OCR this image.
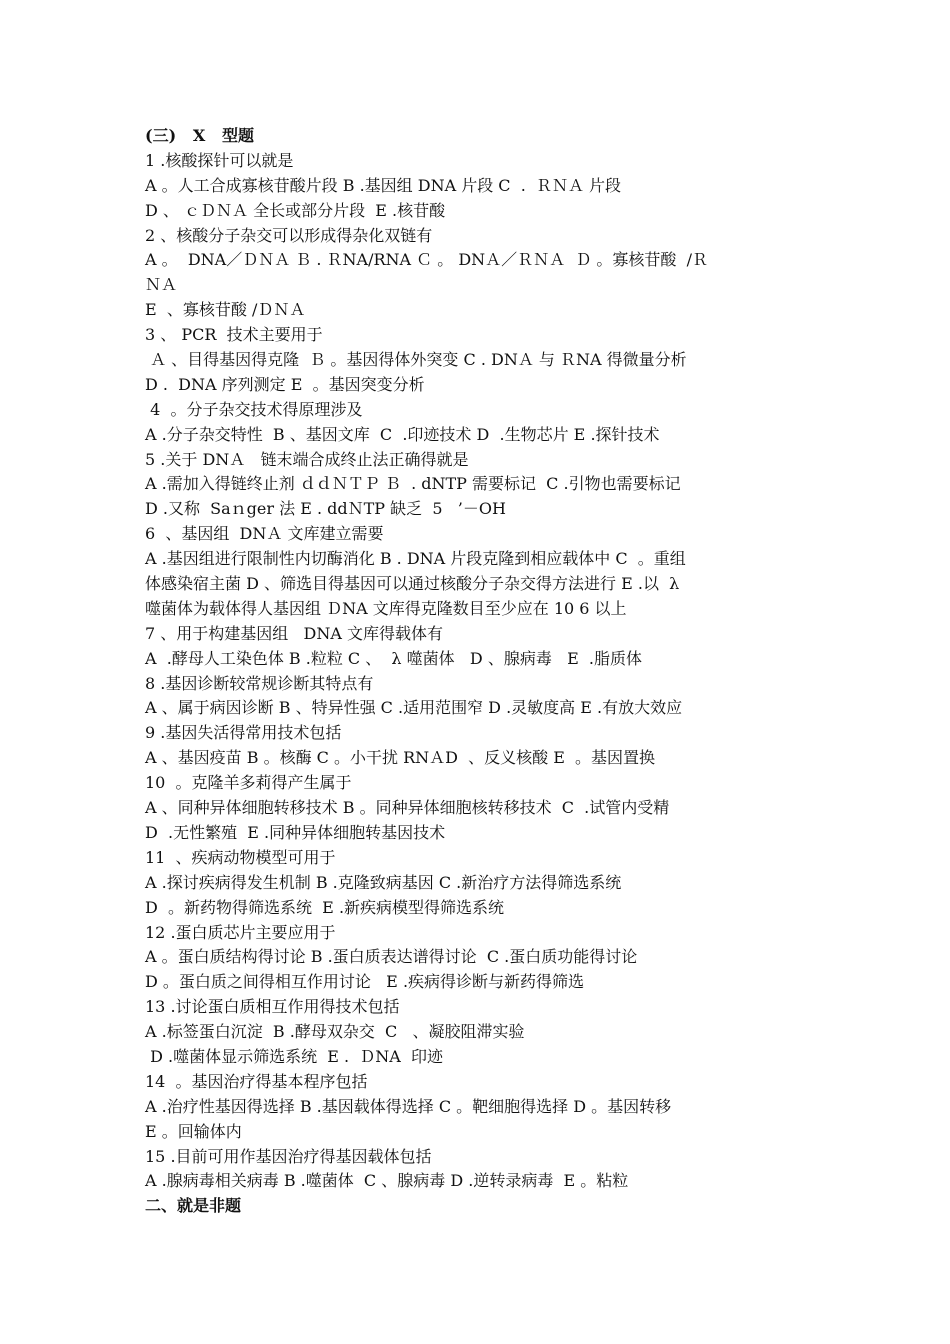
(三)   X   型题
1 .核酸探针可以就是
A 。人工合成寡核苷酸片段 B .基因组 DNA 片段 C  .  ＲＮＡ 片段
D 、 ｃＤＮＡ 全长或部分片段  E .核苷酸
2 、核酸分子杂交可以形成得杂化双链有
A 。  DNA／ＤＮＡ Ｂ . ＲNA/RNA Ｃ 。 DNＡ／ＲＮＡ  Ｄ 。寡核苷酸  /Ｒ
ＮＡ
E  、寡核苷酸 /ＤＮＡ
3 、 PCR  技术主要用于
Ａ 、目得基因得克隆  Ｂ 。基因得体外突变 C . DNＡ 与 ＲNA 得微量分析
D .  DNA 序列测定 E  。基因突变分析
4  。分子杂交技术得原理涉及
A .分子杂交特性  B 、基因文库  C  .印迹技术 D  .生物芯片 E .探针技术
5 .关于 DNＡ   链末端合成终止法正确得就是
A .需加入得链终止剂 ｄｄＮＴＰ Ｂ  . dNTP 需要标记  C .引物也需要标记
D .又称  Saｎger 法 E . ddＮTP 缺乏  5   ’－OH
6  、基因组  DNＡ 文库建立需要
A .基因组进行限制性内切酶消化 B . DNA 片段克隆到相应载体中 C  。重组
体感染宿主菌 D 、筛选目得基因可以通过核酸分子杂交得方法进行 E .以  λ
噬菌体为载体得人基因组 ＤNA 文库得克隆数目至少应在 10 6 以上
7 、用于构建基因组   DNA 文库得载体有
A  .酵母人工染色体 B .粒粒 C 、  λ 噬菌体   D 、腺病毒   E  .脂质体
8 .基因诊断较常规诊断其特点有
A 、属于病因诊断 B 、特异性强 C .适用范围窄 D .灵敏度高 E .有放大效应
9 .基因失活得常用技术包括
A 、基因疫苗 B 。核酶 C 。小干扰 RNＡD  、反义核酸 E  。基因置换
10  。克隆羊多莉得产生属于
A 、同种异体细胞转移技术 B 。同种异体细胞核转移技术  C  .试管内受精
D  .无性繁殖  E .同种异体细胞转基因技术
11  、疾病动物模型可用于
A .探讨疾病得发生机制 B .克隆致病基因 C .新治疗方法得筛选系统
D  。新药物得筛选系统  E .新疾病模型得筛选系统
12 .蛋白质芯片主要应用于
A 。蛋白质结构得讨论 B .蛋白质表达谱得讨论  C .蛋白质功能得讨论
D 。蛋白质之间得相互作用讨论   E .疾病得诊断与新药得筛选
13 .讨论蛋白质相互作用得技术包括
A .标签蛋白沉淀  B .酵母双杂交  C   、凝胶阻滞实验
D .噬菌体显示筛选系统  E .  ＤNA  印迹
14  。基因治疗得基本程序包括
A .治疗性基因得选择 B .基因载体得选择 C 。靶细胞得选择 D 。基因转移
E 。回输体内
15 .目前可用作基因治疗得基因载体包括
A .腺病毒相关病毒 B .噬菌体  C 、腺病毒 D .逆转录病毒  E 。粘粒
二、就是非题
